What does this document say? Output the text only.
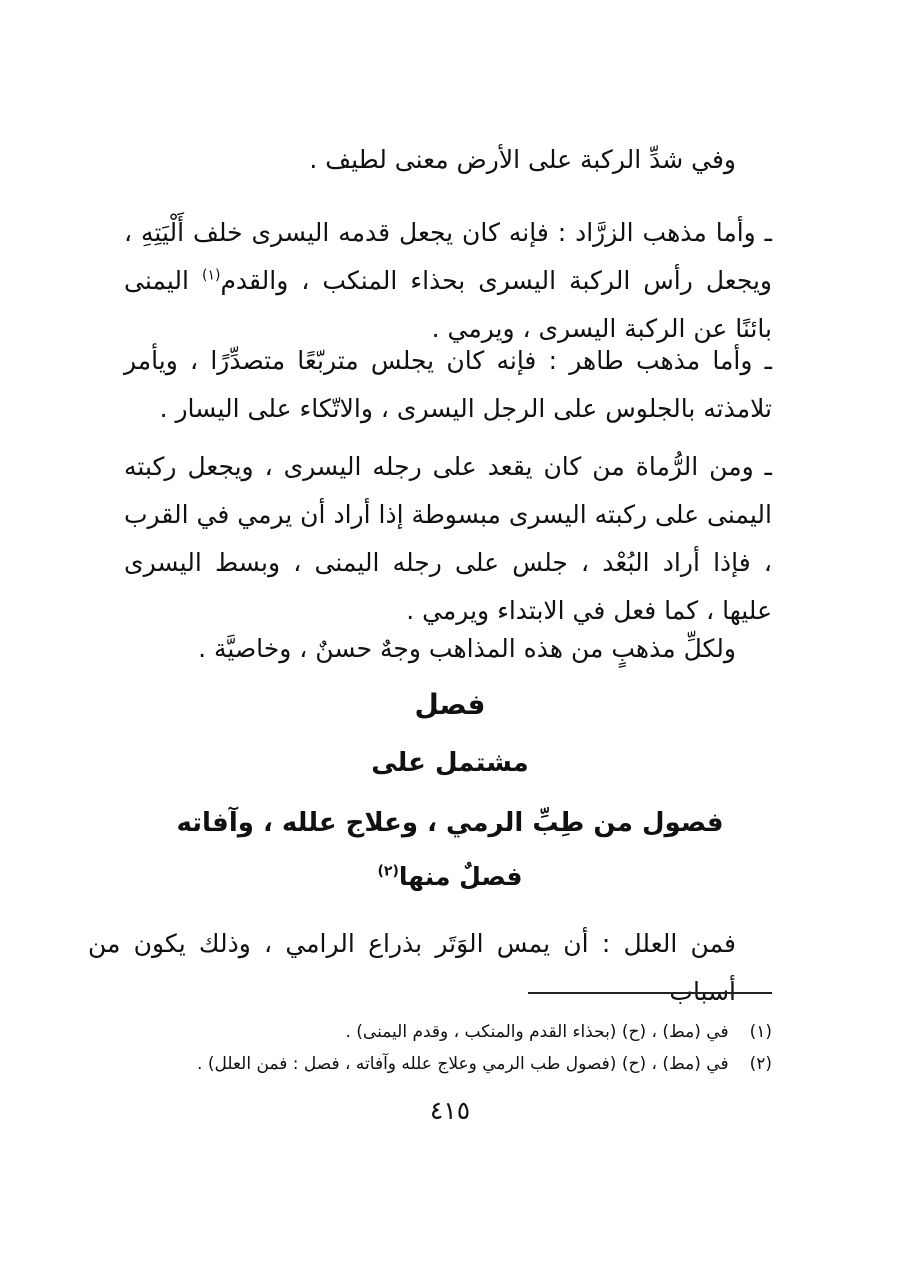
وفي شدِّ الركبة على الأرض معنى لطيف .

ـ وأما مذهب الزرَّاد : فإنه كان يجعل قدمه اليسرى خلف أَلْيَتِهِ ، ويجعل رأس الركبة اليسرى بحذاء المنكب ، والقدم$^{(١)}$ اليمنى بائنًا عن الركبة اليسرى ، ويرمي .

ـ وأما مذهب طاهر : فإنه كان يجلس متربّعًا متصدِّرًا ، ويأمر تلامذته بالجلوس على الرجل اليسرى ، والاتّكاء على اليسار .

ـ ومن الرُّماة من كان يقعد على رجله اليسرى ، ويجعل ركبته اليمنى على ركبته اليسرى مبسوطة إذا أراد أن يرمي في القرب ، فإذا أراد البُعْد ، جلس على رجله اليمنى ، وبسط اليسرى عليها ، كما فعل في الابتداء ويرمي .

ولكلِّ مذهبٍ من هذه المذاهب وجهٌ حسنٌ ، وخاصيَّة .

فصل
مشتمل على
فصول من طِبِّ الرمي ، وعلاج علله ، وآفاته
فصلٌ منها$^{(٢)}$

فمن العلل : أن يمس الوَتَر بذراع الرامي ، وذلك يكون من أسباب

(١) في (مط) ، (ح) (بحذاء القدم والمنكب ، وقدم اليمنى) .

(٢) في (مط) ، (ح) (فصول طب الرمي وعلاج علله وآفاته ، فصل : فمن العلل) .

٤١٥
